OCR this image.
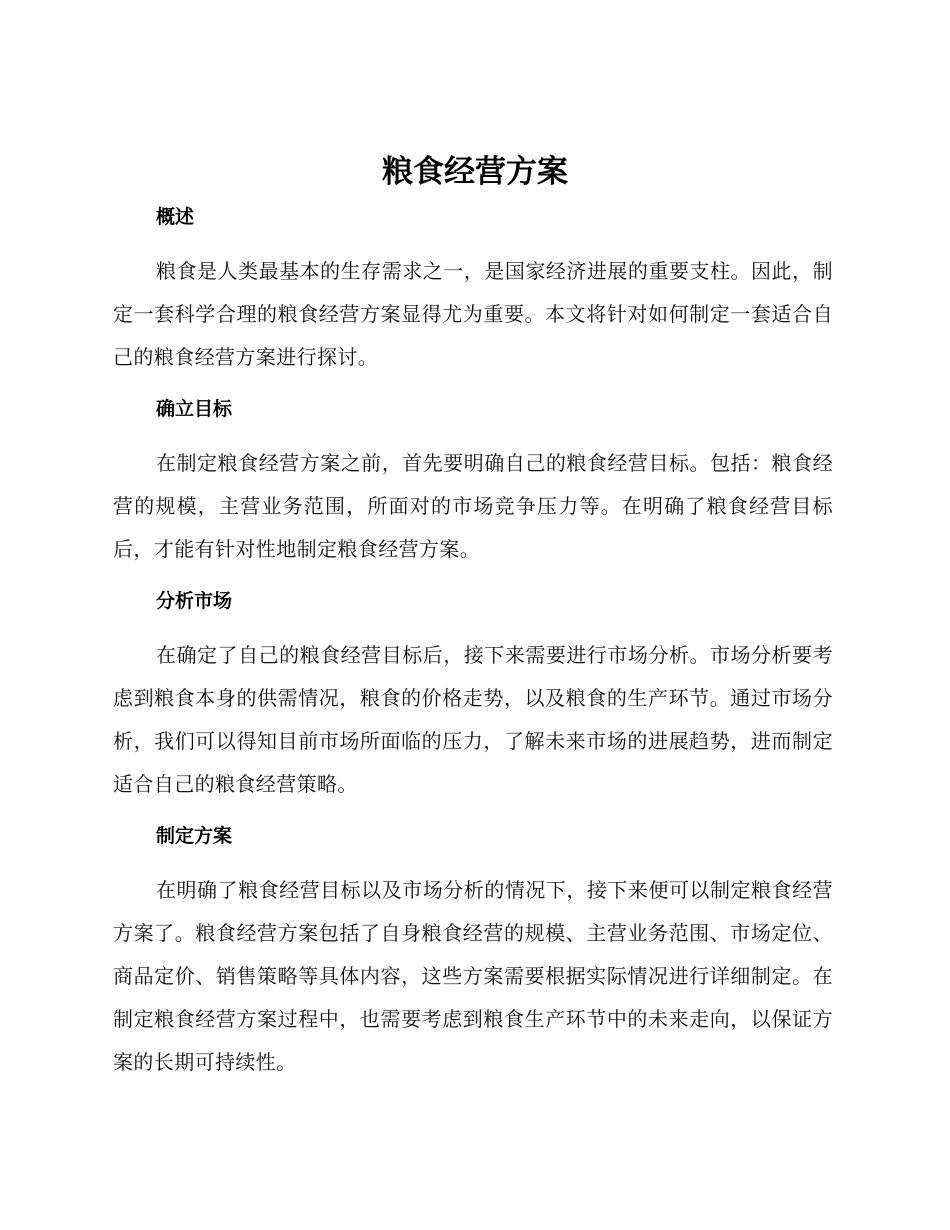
粮食经营方案
概述

粮食是人类最基本的生存需求之一，是国家经济进展的重要支柱。因此，制定一套科学合理的粮食经营方案显得尤为重要。本文将针对如何制定一套适合自己的粮食经营方案进行探讨。

确立目标

在制定粮食经营方案之前，首先要明确自己的粮食经营目标。包括：粮食经营的规模，主营业务范围，所面对的市场竞争压力等。在明确了粮食经营目标后，才能有针对性地制定粮食经营方案。

分析市场

在确定了自己的粮食经营目标后，接下来需要进行市场分析。市场分析要考虑到粮食本身的供需情况，粮食的价格走势，以及粮食的生产环节。通过市场分析，我们可以得知目前市场所面临的压力，了解未来市场的进展趋势，进而制定适合自己的粮食经营策略。

制定方案

在明确了粮食经营目标以及市场分析的情况下，接下来便可以制定粮食经营方案了。粮食经营方案包括了自身粮食经营的规模、主营业务范围、市场定位、商品定价、销售策略等具体内容，这些方案需要根据实际情况进行详细制定。在制定粮食经营方案过程中，也需要考虑到粮食生产环节中的未来走向，以保证方案的长期可持续性。
